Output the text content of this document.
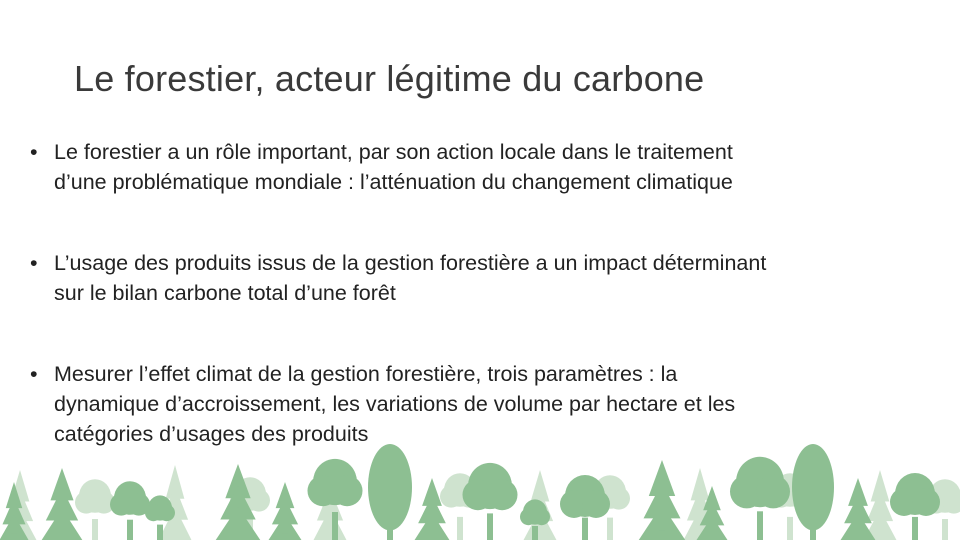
Le forestier, acteur légitime du carbone
• Le forestier a un rôle important, par son action locale dans le traitement
d’une problématique mondiale : l’atténuation du changement climatique
• L’usage des produits issus de la gestion forestière a un impact déterminant
sur le bilan carbone total d’une forêt
• Mesurer l’effet climat de la gestion forestière, trois paramètres : la
dynamique d’accroissement, les variations de volume par hectare et les
catégories d’usages des produits
